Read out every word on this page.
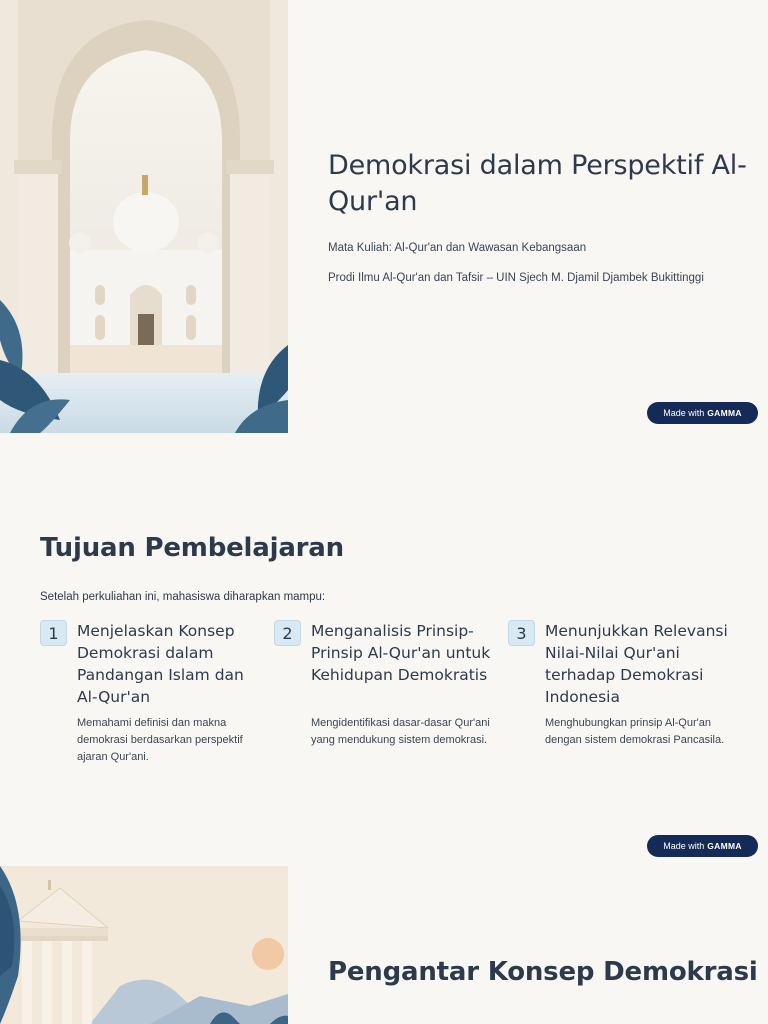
Demokrasi dalam Perspektif Al-Qur'an

Mata Kuliah: Al-Qur'an dan Wawasan Kebangsaan

Prodi Ilmu Al-Qur'an dan Tafsir – UIN Sjech M. Djamil Djambek Bukittinggi

Made with GAMMA
Tujuan Pembelajaran

Setelah perkuliahan ini, mahasiswa diharapkan mampu:

1	Menjelaskan Konsep Demokrasi dalam Pandangan Islam dan Al-Qur'an
Memahami definisi dan makna demokrasi berdasarkan perspektif ajaran Qur'ani.
2	Menganalisis Prinsip-Prinsip Al-Qur'an untuk Kehidupan Demokratis
Mengidentifikasi dasar-dasar Qur'ani yang mendukung sistem demokrasi.
3	Menunjukkan Relevansi Nilai-Nilai Qur'ani terhadap Demokrasi Indonesia
Menghubungkan prinsip Al-Qur'an dengan sistem demokrasi Pancasila.
Made with GAMMA
Pengantar Konsep Demokrasi
